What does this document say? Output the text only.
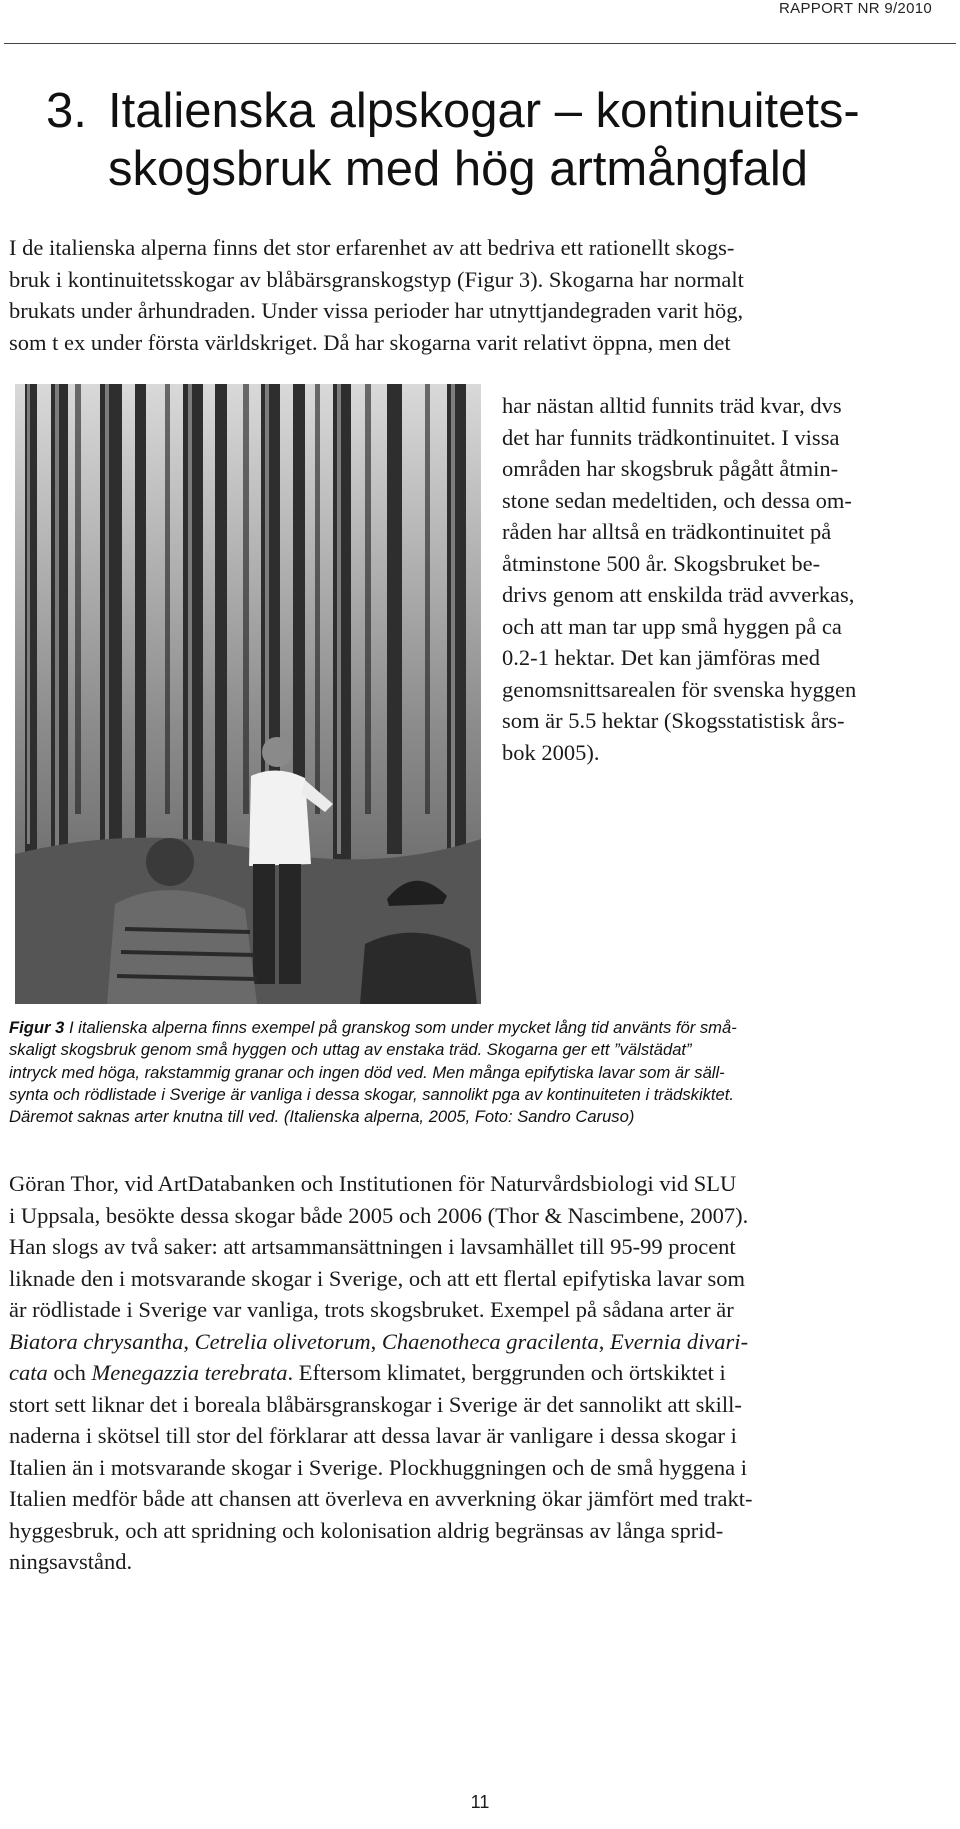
RAPPORT NR 9/2010
3. Italienska alpskogar – kontinuitets-
skogsbruk med hög artmångfald

I de italienska alperna finns det stor erfarenhet av att bedriva ett rationellt skogs-
bruk i kontinuitetsskogar av blåbärsgranskogstyp (Figur 3). Skogarna har normalt
brukats under århundraden. Under vissa perioder har utnyttjandegraden varit hög,
som t ex under första världskriget. Då har skogarna varit relativt öppna, men det

har nästan alltid funnits träd kvar, dvs
det har funnits trädkontinuitet. I vissa
områden har skogsbruk pågått åtmin-
stone sedan medeltiden, och dessa om-
råden har alltså en trädkontinuitet på
åtminstone 500 år. Skogsbruket be-
drivs genom att enskilda träd avverkas,
och att man tar upp små hyggen på ca
0.2-1 hektar. Det kan jämföras med
genomsnittsarealen för svenska hyggen
som är 5.5 hektar (Skogsstatistisk års-
bok 2005).

Figur 3 I italienska alperna finns exempel på granskog som under mycket lång tid använts för små-
skaligt skogsbruk genom små hyggen och uttag av enstaka träd. Skogarna ger ett ”välstädat”
intryck med höga, rakstammig granar och ingen död ved. Men många epifytiska lavar som är säll-
synta och rödlistade i Sverige är vanliga i dessa skogar, sannolikt pga av kontinuiteten i trädskiktet.
Däremot saknas arter knutna till ved. (Italienska alperna, 2005, Foto: Sandro Caruso)

Göran Thor, vid ArtDatabanken och Institutionen för Naturvårdsbiologi vid SLU
i Uppsala, besökte dessa skogar både 2005 och 2006 (Thor & Nascimbene, 2007).
Han slogs av två saker: att artsammansättningen i lavsamhället till 95-99 procent
liknade den i motsvarande skogar i Sverige, och att ett flertal epifytiska lavar som
är rödlistade i Sverige var vanliga, trots skogsbruket. Exempel på sådana arter är
Biatora chrysantha, Cetrelia olivetorum, Chaenotheca gracilenta, Evernia divari-
cata och Menegazzia terebrata. Eftersom klimatet, berggrunden och örtskiktet i
stort sett liknar det i boreala blåbärsgranskogar i Sverige är det sannolikt att skill-
naderna i skötsel till stor del förklarar att dessa lavar är vanligare i dessa skogar i
Italien än i motsvarande skogar i Sverige. Plockhuggningen och de små hyggena i
Italien medför både att chansen att överleva en avverkning ökar jämfört med trakt-
hyggesbruk, och att spridning och kolonisation aldrig begränsas av långa sprid-
ningsavstånd.

11
